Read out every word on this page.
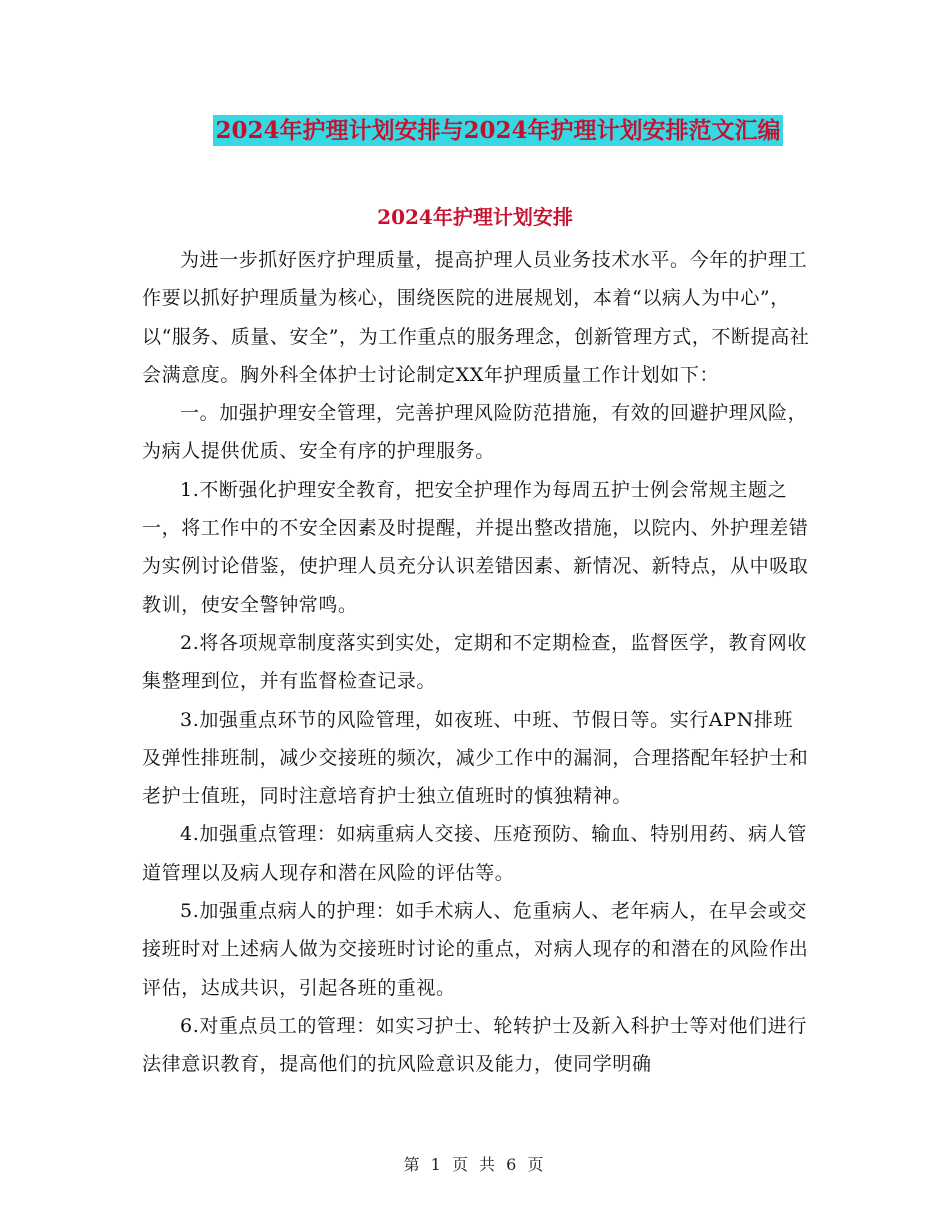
2024年护理计划安排与2024年护理计划安排范文汇编
2024年护理计划安排

为进一步抓好医疗护理质量，提高护理人员业务技术水平。今年的护理工作要以抓好护理质量为核心，围绕医院的进展规划，本着“以病人为中心”，以“服务、质量、安全”，为工作重点的服务理念，创新管理方式，不断提高社会满意度。胸外科全体护士讨论制定XX年护理质量工作计划如下：

一。加强护理安全管理，完善护理风险防范措施，有效的回避护理风险，为病人提供优质、安全有序的护理服务。

1.不断强化护理安全教育，把安全护理作为每周五护士例会常规主题之一，将工作中的不安全因素及时提醒，并提出整改措施，以院内、外护理差错为实例讨论借鉴，使护理人员充分认识差错因素、新情况、新特点，从中吸取教训，使安全警钟常鸣。

2.将各项规章制度落实到实处，定期和不定期检查，监督医学，教育网收集整理到位，并有监督检查记录。

3.加强重点环节的风险管理，如夜班、中班、节假日等。实行APN排班及弹性排班制，减少交接班的频次，减少工作中的漏洞，合理搭配年轻护士和老护士值班，同时注意培育护士独立值班时的慎独精神。

4.加强重点管理：如病重病人交接、压疮预防、输血、特别用药、病人管道管理以及病人现存和潜在风险的评估等。

5.加强重点病人的护理：如手术病人、危重病人、老年病人，在早会或交接班时对上述病人做为交接班时讨论的重点，对病人现存的和潜在的风险作出评估，达成共识，引起各班的重视。

6.对重点员工的管理：如实习护士、轮转护士及新入科护士等对他们进行法律意识教育，提高他们的抗风险意识及能力，使同学明确

第 1 页 共 6 页
